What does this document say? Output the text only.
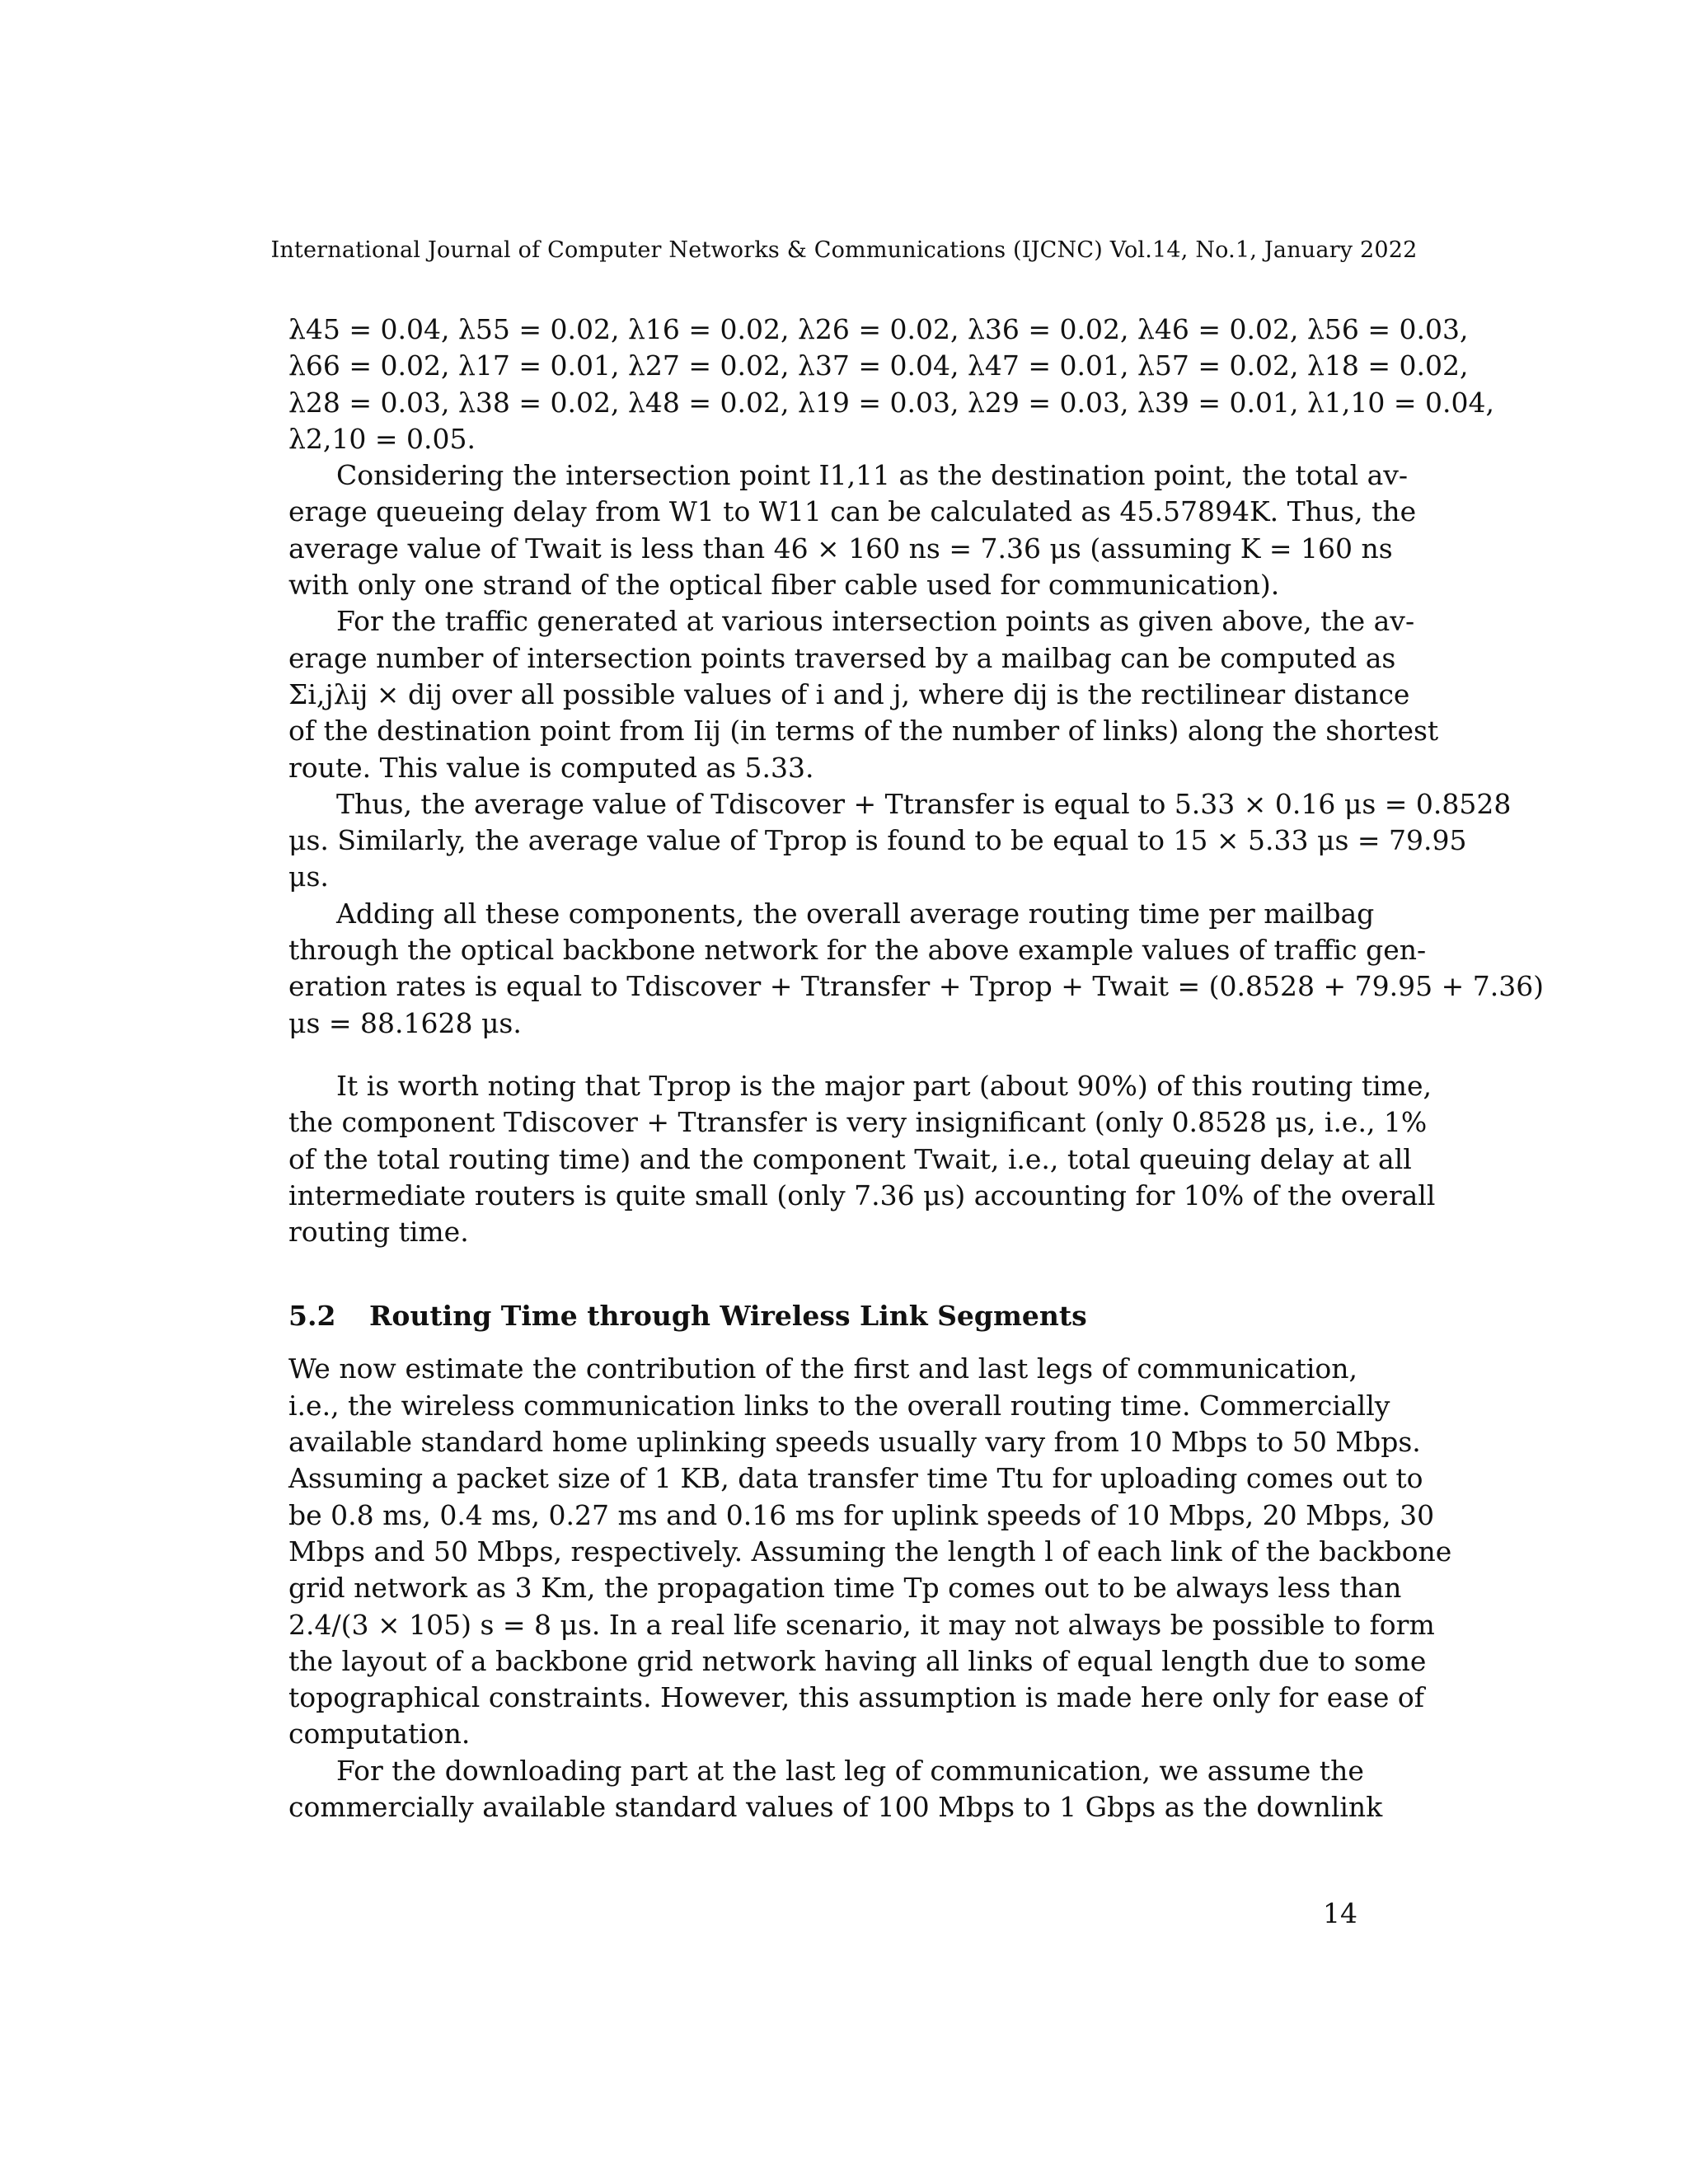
International Journal of Computer Networks & Communications (IJCNC) Vol.14, No.1, January 2022
λ45 = 0.04, λ55 = 0.02, λ16 = 0.02, λ26 = 0.02, λ36 = 0.02, λ46 = 0.02, λ56 = 0.03,
λ66 = 0.02, λ17 = 0.01, λ27 = 0.02, λ37 = 0.04, λ47 = 0.01, λ57 = 0.02, λ18 = 0.02,
λ28 = 0.03, λ38 = 0.02, λ48 = 0.02, λ19 = 0.03, λ29 = 0.03, λ39 = 0.01, λ1,10 = 0.04,
λ2,10 = 0.05.
Considering the intersection point I1,11 as the destination point, the total av-
erage queueing delay from W1 to W11 can be calculated as 45.57894K. Thus, the
average value of Twait is less than 46 × 160 ns = 7.36 μs (assuming K = 160 ns
with only one strand of the optical fiber cable used for communication).
For the traffic generated at various intersection points as given above, the av-
erage number of intersection points traversed by a mailbag can be computed as
Σi,jλij × dij over all possible values of i and j, where dij is the rectilinear distance
of the destination point from Iij (in terms of the number of links) along the shortest
route. This value is computed as 5.33.
Thus, the average value of Tdiscover + Ttransfer is equal to 5.33 × 0.16 μs = 0.8528
μs. Similarly, the average value of Tprop is found to be equal to 15 × 5.33 μs = 79.95
μs.
Adding all these components, the overall average routing time per mailbag
through the optical backbone network for the above example values of traffic gen-
eration rates is equal to Tdiscover + Ttransfer + Tprop + Twait = (0.8528 + 79.95 + 7.36)
μs = 88.1628 μs.
It is worth noting that Tprop is the major part (about 90%) of this routing time,
the component Tdiscover + Ttransfer is very insignificant (only 0.8528 μs, i.e., 1%
of the total routing time) and the component Twait, i.e., total queuing delay at all
intermediate routers is quite small (only 7.36 μs) accounting for 10% of the overall
routing time.
5.2 Routing Time through Wireless Link Segments
We now estimate the contribution of the first and last legs of communication,
i.e., the wireless communication links to the overall routing time. Commercially
available standard home uplinking speeds usually vary from 10 Mbps to 50 Mbps.
Assuming a packet size of 1 KB, data transfer time Ttu for uploading comes out to
be 0.8 ms, 0.4 ms, 0.27 ms and 0.16 ms for uplink speeds of 10 Mbps, 20 Mbps, 30
Mbps and 50 Mbps, respectively. Assuming the length l of each link of the backbone
grid network as 3 Km, the propagation time Tp comes out to be always less than
2.4/(3 × 105) s = 8 μs. In a real life scenario, it may not always be possible to form
the layout of a backbone grid network having all links of equal length due to some
topographical constraints. However, this assumption is made here only for ease of
computation.
For the downloading part at the last leg of communication, we assume the
commercially available standard values of 100 Mbps to 1 Gbps as the downlink
14
